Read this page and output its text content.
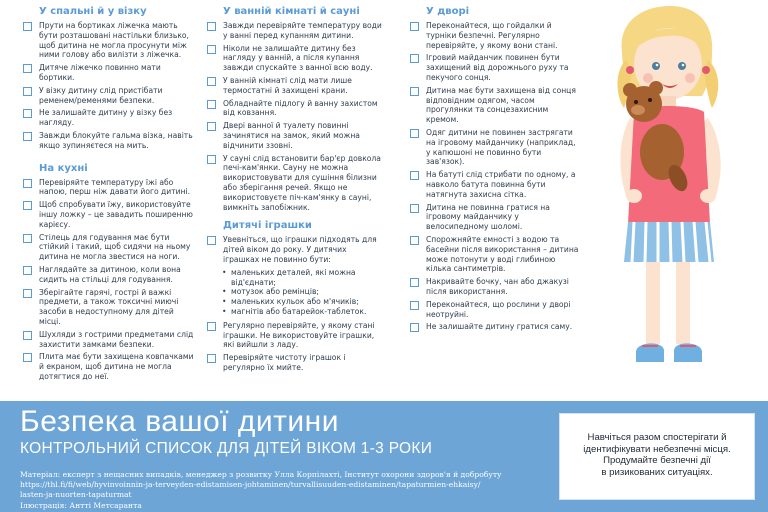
У спальні й у візку
Прути на бортиках ліжечка мають бути розташовані настільки близько, щоб дитина не могла просунути між ними голову або вилізти з ліжечка.
Дитяче ліжечко повинно мати бортики.
У візку дитину слід пристібати ременем/ременями безпеки.
Не залишайте дитину у візку без нагляду.
Завжди блокуйте гальма візка, навіть якщо зупиняєтеся на мить.
На кухні
Перевіряйте температуру їжі або напою, перш ніж давати його дитині.
Щоб спробувати їжу, використовуйте іншу ложку – це завадить поширенню карієсу.
Стілець для годування має бути стійкий і такий, щоб сидячи на ньому дитина не могла звестися на ноги.
Наглядайте за дитиною, коли вона сидить на стільці для годування.
Зберігайте гарячі, гострі й важкі предмети, а також токсичні миючі засоби в недоступному для дітей місці.
Шухляди з гострими предметами слід захистити замками безпеки.
Плита має бути захищена ковпачками й екраном, щоб дитина не могла дотягтися до неї.
У ванній кімнаті й сауні
Завжди перевіряйте температуру води у ванні перед купанням дитини.
Ніколи не залишайте дитину без нагляду у ванній, а після купання завжди спускайте з ванної всю воду.
У ванній кімнаті слід мати лише термостатні й захищені крани.
Обладнайте підлогу й ванну захистом від ковзання.
Двері ванної й туалету повинні зачинятися на замок, який можна відчинити ззовні.
У сауні слід встановити бар'єр довкола печі-кам'янки. Сауну не можна використовувати для сушіння білизни або зберігання речей. Якщо не використовуєте піч-кам'янку в сауні, вимкніть запобіжник.
Дитячі іграшки
Увевніться, що іграшки підходять для дітей віком до року. У дитячих іграшках не повинно бути:
• маленьких деталей, які можна від'єднати;
• мотузок або ремінців;
• маленьких кульок або м'ячиків;
• магнітів або батарейок-таблеток.
Регулярно перевіряйте, у якому стані іграшки. Не використовуйте іграшки, які вийшли з ладу.
Перевіряйте чистоту іграшок і регулярно їх мийте.
У дворі
Переконайтеся, що гойдалки й турніки безпечні. Регулярно перевіряйте, у якому вони стані.
Ігровий майданчик повинен бути захищений від дорожнього руху та пекучого сонця.
Дитина має бути захищена від сонця відповідним одягом, часом прогулянки та сонцезахисним кремом.
Одяг дитини не повинен застрягати на ігровому майданчику (наприклад, у капюшоні не повинно бути зав'язок).
На батуті слід стрибати по одному, а навколо батута повинна бути натягнута захисна сітка.
Дитина не повинна гратися на ігровому майданчику у велосипедному шоломі.
Спорожняйте ємності з водою та басейни після використання – дитина може потонути у воді глибиною кілька сантиметрів.
Накривайте бочку, чан або джакузі після використання.
Переконайтеся, що рослини у дворі неотруйні.
Не залишайте дитину гратися саму.
Безпека вашої дитини
КОНТРОЛЬНИЙ СПИСОК ДЛЯ ДІТЕЙ ВІКОМ 1-3 РОКИ
Матеріал: експерт з нещасних випадків, менеджер з розвитку Улла Корпілахті, Інститут охорони здоров'я й добробуту
https://thl.fi/fi/web/hyvinvoinnin-ja-terveyden-edistamisen-johtaminen/turvallisuuden-edistaminen/tapaturmien-ehkaisy/
lasten-ja-nuorten-tapaturmat
Ілюстрація: Антті Метсаранта
Навчіться разом спостерігати й
ідентифікувати небезпечні місця.
Продумайте безпечні дії
в ризикованих ситуаціях.
